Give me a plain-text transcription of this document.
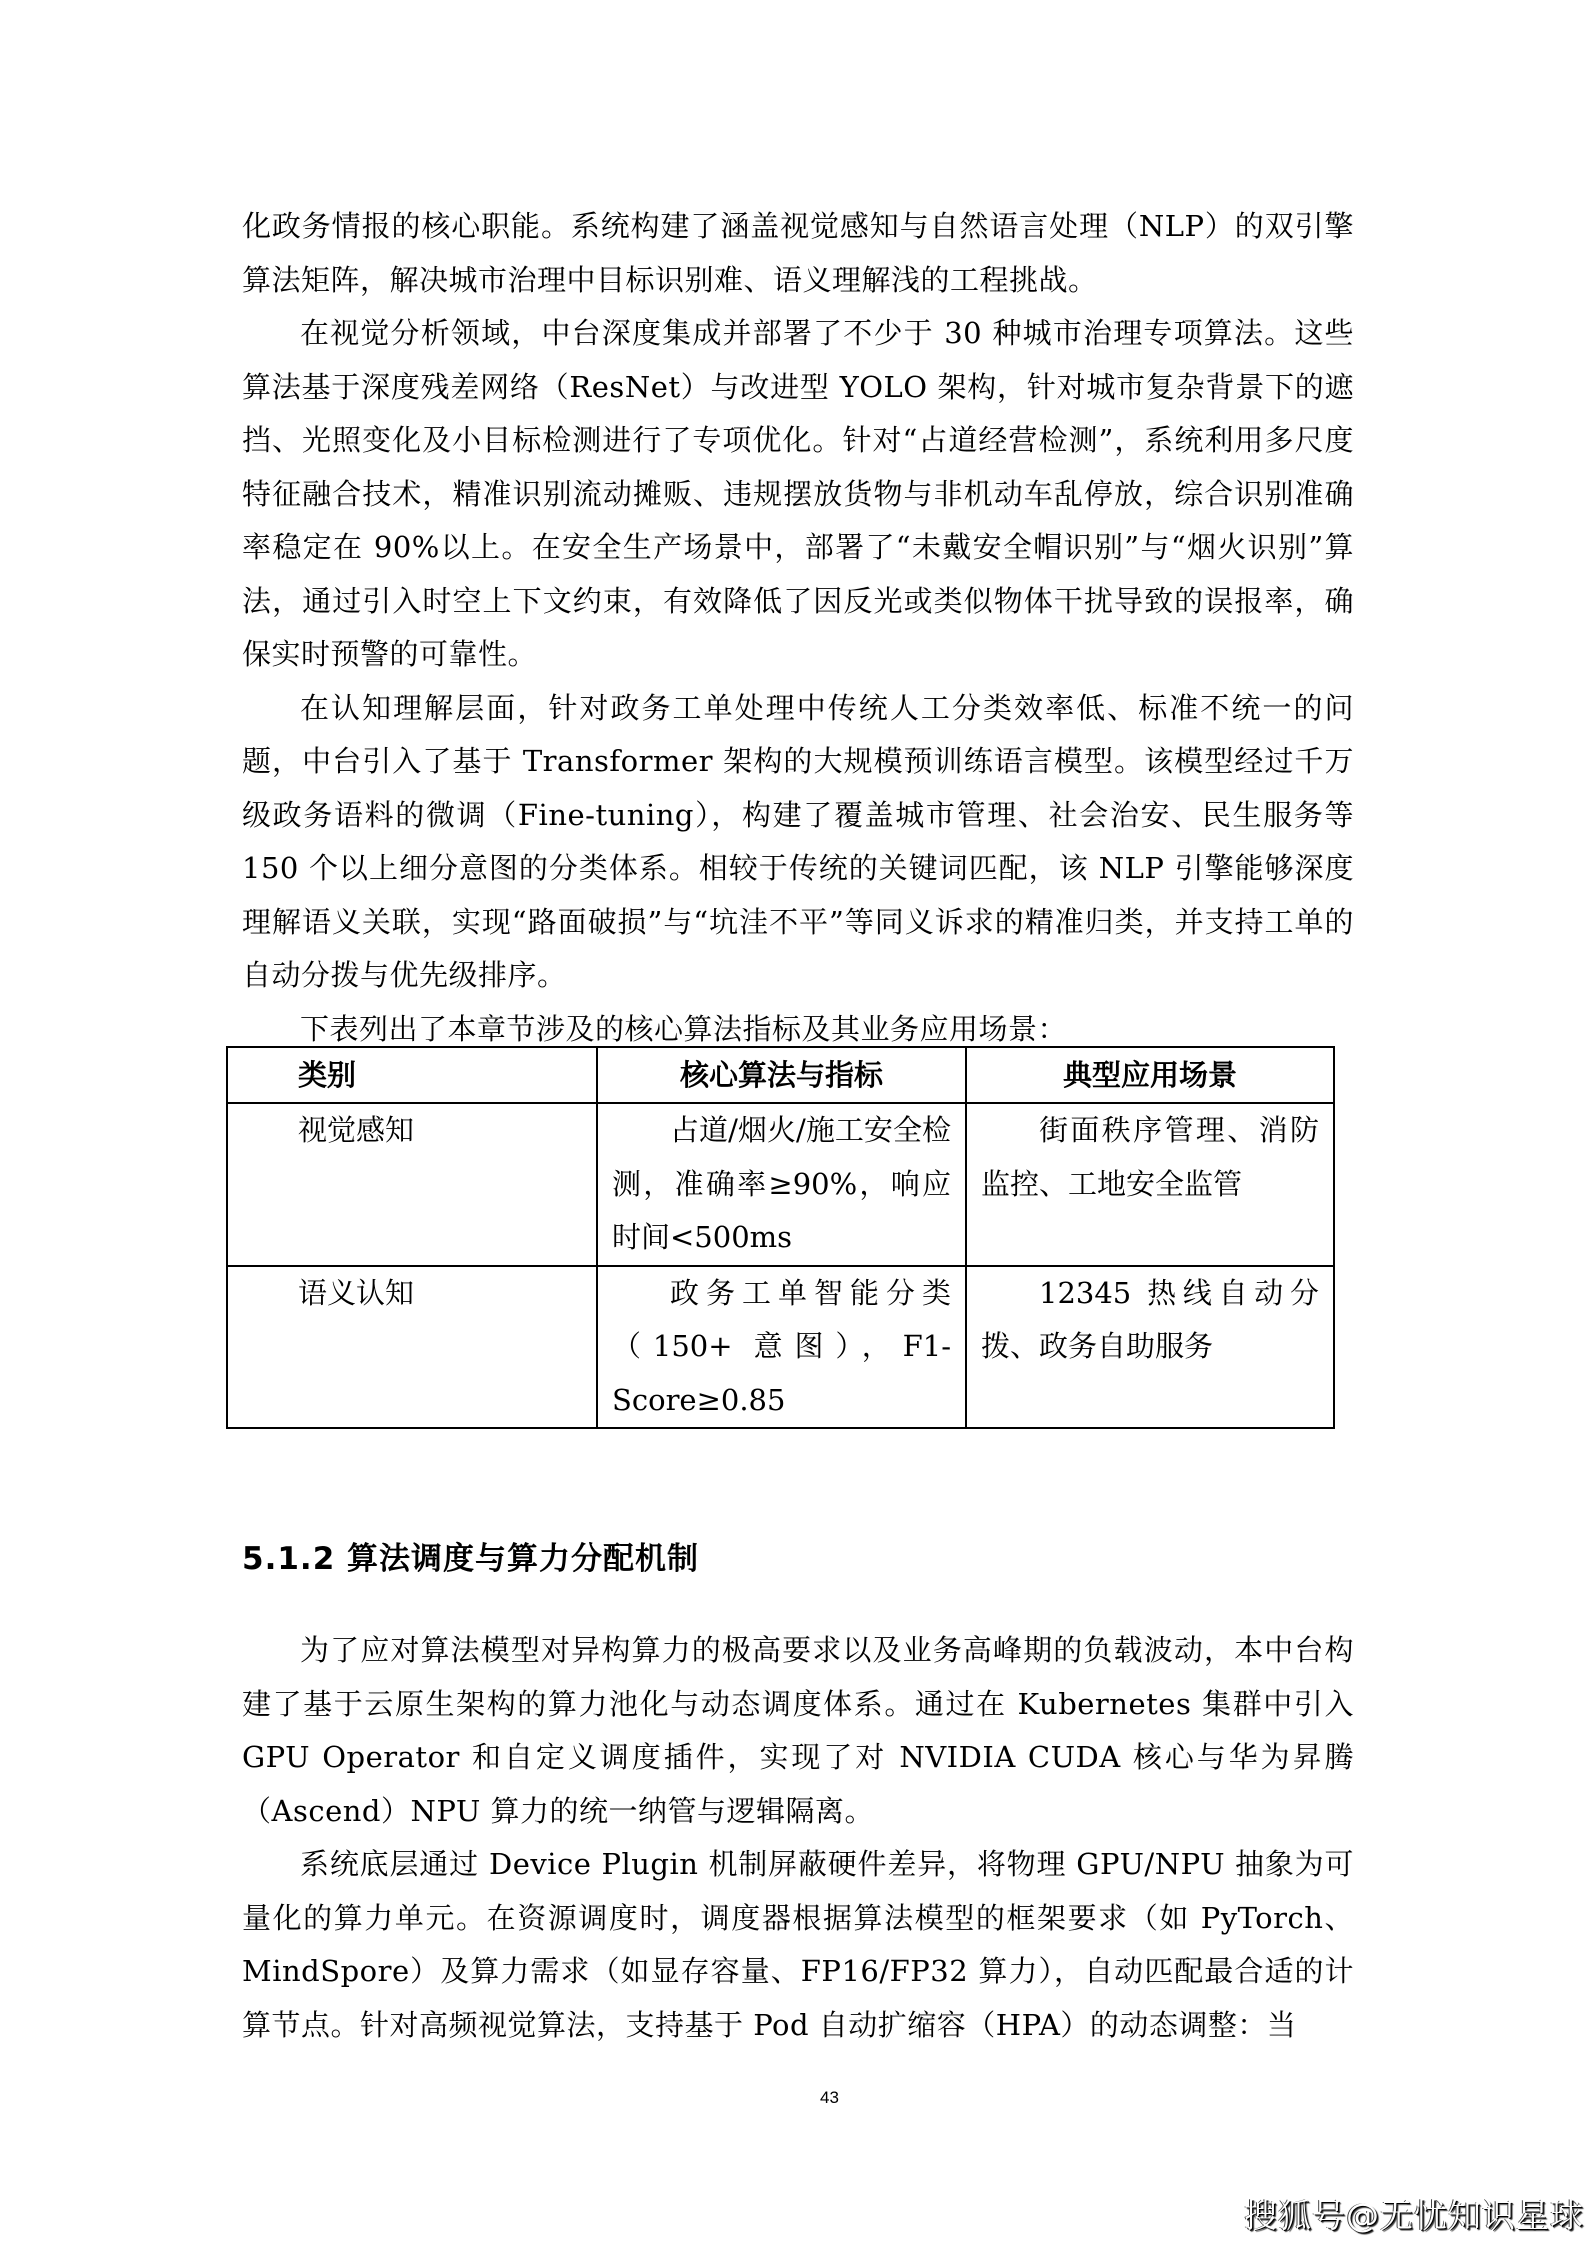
化政务情报的核心职能。系统构建了涵盖视觉感知与自然语言处理（NLP）的双引擎算法矩阵，解决城市治理中目标识别难、语义理解浅的工程挑战。

在视觉分析领域，中台深度集成并部署了不少于 30 种城市治理专项算法。这些算法基于深度残差网络（ResNet）与改进型 YOLO 架构，针对城市复杂背景下的遮挡、光照变化及小目标检测进行了专项优化。针对“占道经营检测”，系统利用多尺度特征融合技术，精准识别流动摊贩、违规摆放货物与非机动车乱停放，综合识别准确率稳定在 90%以上。在安全生产场景中，部署了“未戴安全帽识别”与“烟火识别”算法，通过引入时空上下文约束，有效降低了因反光或类似物体干扰导致的误报率，确保实时预警的可靠性。

在认知理解层面，针对政务工单处理中传统人工分类效率低、标准不统一的问题，中台引入了基于 Transformer 架构的大规模预训练语言模型。该模型经过千万级政务语料的微调（Fine-tuning），构建了覆盖城市管理、社会治安、民生服务等 150 个以上细分意图的分类体系。相较于传统的关键词匹配，该 NLP 引擎能够深度理解语义关联，实现“路面破损”与“坑洼不平”等同义诉求的精准归类，并支持工单的自动分拨与优先级排序。

下表列出了本章节涉及的核心算法指标及其业务应用场景：

类别	核心算法与指标	典型应用场景
视觉感知	占道/烟火/施工安全检测，准确率≥90%，响应时间<500ms	街面秩序管理、消防监控、工地安全监管

语义认知	政务工单智能分类（150+ 意图），F1-Score≥0.85	12345 热线自动分拨、政务自助服务
5.1.2 算法调度与算力分配机制

为了应对算法模型对异构算力的极高要求以及业务高峰期的负载波动，本中台构建了基于云原生架构的算力池化与动态调度体系。通过在 Kubernetes 集群中引入 GPU Operator 和自定义调度插件，实现了对 NVIDIA CUDA 核心与华为昇腾（Ascend）NPU 算力的统一纳管与逻辑隔离。

系统底层通过 Device Plugin 机制屏蔽硬件差异，将物理 GPU/NPU 抽象为可量化的算力单元。在资源调度时，调度器根据算法模型的框架要求（如 PyTorch、MindSpore）及算力需求（如显存容量、FP16/FP32 算力），自动匹配最合适的计算节点。针对高频视觉算法，支持基于 Pod 自动扩缩容（HPA）的动态调整：当

43
搜狐号@无忧知识星球
